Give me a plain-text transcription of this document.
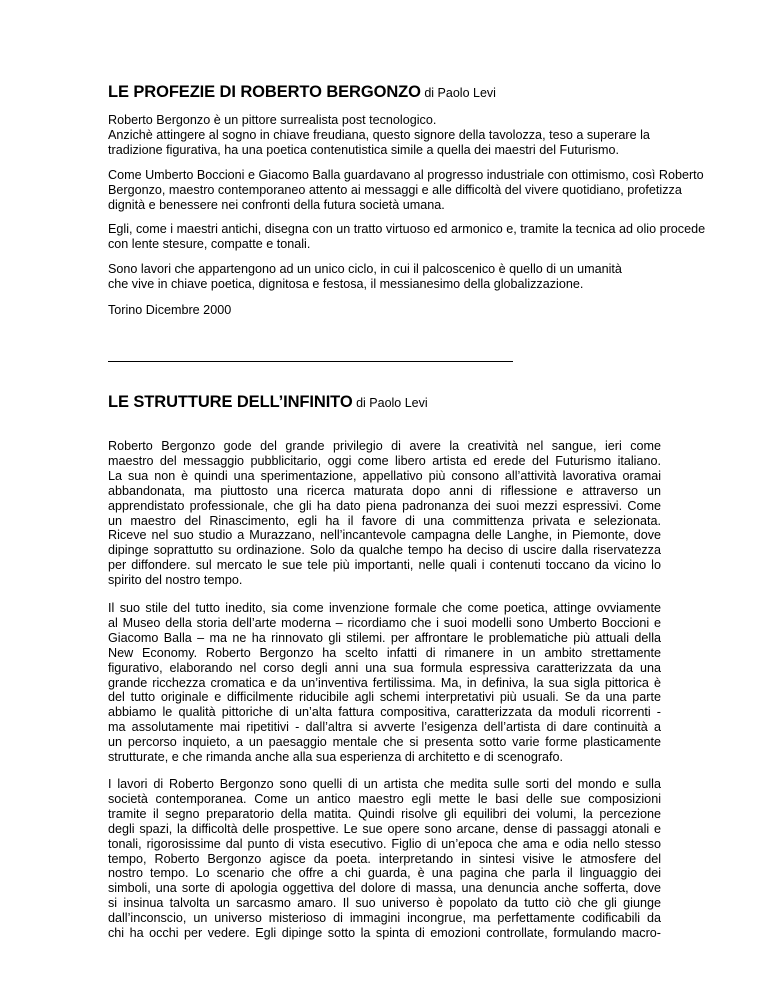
LE PROFEZIE DI ROBERTO BERGONZO di Paolo Levi
Roberto Bergonzo è un pittore surrealista post tecnologico.
Anzichè attingere al sogno in chiave freudiana, questo signore della tavolozza, teso a superare la
tradizione figurativa, ha una poetica contenutistica simile a quella dei maestri del Futurismo.
Come Umberto Boccioni e Giacomo Balla guardavano al progresso industriale con ottimismo, così Roberto
Bergonzo, maestro contemporaneo attento ai messaggi e alle difficoltà del vivere quotidiano, profetizza
dignità e benessere nei confronti della futura società umana.
Egli, come i maestri antichi, disegna con un tratto virtuoso ed armonico e, tramite la tecnica ad olio procede
con lente stesure, compatte e tonali.
Sono lavori che appartengono ad un unico ciclo, in cui il palcoscenico è quello di un umanità
che vive in chiave poetica, dignitosa e festosa, il messianesimo della globalizzazione.
Torino Dicembre 2000
LE STRUTTURE DELL’INFINITO di Paolo Levi
Roberto Bergonzo gode del grande privilegio di avere la creatività nel sangue, ieri come
maestro del messaggio pubblicitario, oggi come libero artista ed erede del Futurismo italiano.
La sua non è quindi una sperimentazione, appellativo più consono all’attività lavorativa oramai
abbandonata, ma piuttosto una ricerca maturata dopo anni di riflessione e attraverso un
apprendistato professionale, che gli ha dato piena padronanza dei suoi mezzi espressivi. Come
un maestro del Rinascimento, egli ha il favore di una committenza privata e selezionata.
Riceve nel suo studio a Murazzano, nell’incantevole campagna delle Langhe, in Piemonte, dove
dipinge soprattutto su ordinazione. Solo da qualche tempo ha deciso di uscire dalla riservatezza
per diffondere. sul mercato le sue tele più importanti, nelle quali i contenuti toccano da vicino lo
spirito del nostro tempo.
Il suo stile del tutto inedito, sia come invenzione formale che come poetica, attinge ovviamente
al Museo della storia dell’arte moderna – ricordiamo che i suoi modelli sono Umberto Boccioni e
Giacomo Balla – ma ne ha rinnovato gli stilemi. per affrontare le problematiche più attuali della
New Economy. Roberto Bergonzo ha scelto infatti di rimanere in un ambito strettamente
figurativo, elaborando nel corso degli anni una sua formula espressiva caratterizzata da una
grande ricchezza cromatica e da un’inventiva fertilissima. Ma, in definiva, la sua sigla pittorica è
del tutto originale e difficilmente riducibile agli schemi interpretativi più usuali. Se da una parte
abbiamo le qualità pittoriche di un’alta fattura compositiva, caratterizzata da moduli ricorrenti -
ma assolutamente mai ripetitivi - dall’altra si avverte l’esigenza dell’artista di dare continuità a
un percorso inquieto, a un paesaggio mentale che si presenta sotto varie forme plasticamente
strutturate, e che rimanda anche alla sua esperienza di architetto e di scenografo.
I lavori di Roberto Bergonzo sono quelli di un artista che medita sulle sorti del mondo e sulla
società contemporanea. Come un antico maestro egli mette le basi delle sue composizioni
tramite il segno preparatorio della matita. Quindi risolve gli equilibri dei volumi, la percezione
degli spazi, la difficoltà delle prospettive. Le sue opere sono arcane, dense di passaggi atonali e
tonali, rigorosissime dal punto di vista esecutivo. Figlio di un’epoca che ama e odia nello stesso
tempo, Roberto Bergonzo agisce da poeta. interpretando in sintesi visive le atmosfere del
nostro tempo. Lo scenario che offre a chi guarda, è una pagina che parla il linguaggio dei
simboli, una sorte di apologia oggettiva del dolore di massa, una denuncia anche sofferta, dove
si insinua talvolta un sarcasmo amaro. Il suo universo è popolato da tutto ciò che gli giunge
dall’inconscio, un universo misterioso di immagini incongrue, ma perfettamente codificabili da
chi ha occhi per vedere. Egli dipinge sotto la spinta di emozioni controllate, formulando macro-
